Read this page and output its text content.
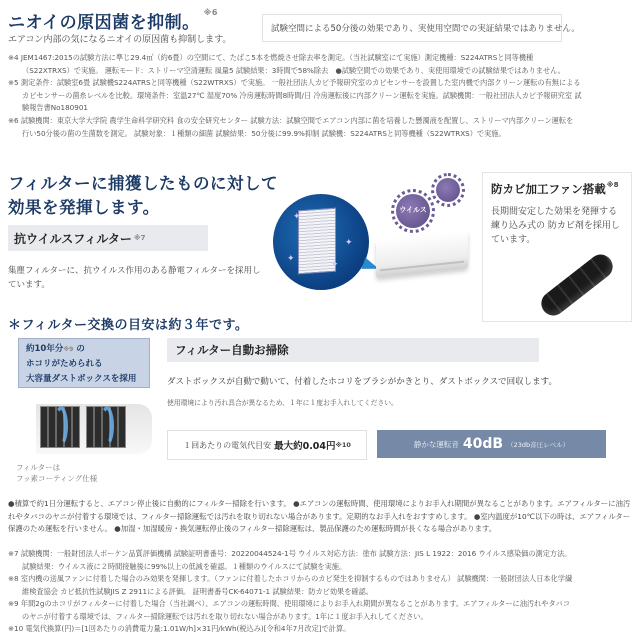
ニオイの原因菌を抑制。$^{※6}$
エアコン内部の気になるニオイの原因菌も抑制します。
試験空間による50分後の効果であり、実使用空間での実証結果ではありません。
※4 JEM1467:2015の試験方法に準じ29.4㎡（約6畳）の空間にて、たばこ5本を燃焼させ除去率を測定。（当社試験室にて実施）測定機種：S224ATRSと同等機種
（S22XTRXS）で実施。 運転モード：ストリーマ空清運転 風量5 試験結果：3時間で58%除去　●試験空間での効果であり、実使用環境での試験結果ではありません。
※5 測定条件：試験室6畳 試験機S224ATRSと同等機種（S22WTRXS）で実施。 一般社団法人カビ予報研究室のカビセンサーを設置した室内機で内部クリーン運転の有無による
カビセンサーの菌糸レベルを比較。環境条件：室温27℃ 湿度70% 冷房運転時間8時間/日 冷房運転後に内部クリーン運転を実施。試験機関：一般社団法人カビ予報研究室 試
験報告書No180901
※6 試験機関：東京大学大学院 農学生命科学研究科 食の安全研究センター 試験方法：試験空間でエアコン内部に菌を培養した懸濁液を配置し、ストリーマ内部クリーン運転を
行い50分後の菌の生菌数を測定。 試験対象：１種類の細菌 試験結果：50分後に99.9%抑制 試験機：S224ATRSと同等機種（S22WTRXS）で実施。
フィルターに捕獲したものに対して
効果を発揮します。
抗ウイルスフィルター ※7
集塵フィルターに、抗ウイルス作用のある静電フィルターを採用しています。
✦
✦
✦
✦
ウイルス
防カビ加工ファン搭載$^{※8}$
長期間安定した効果を発揮する練り込み式の 防カビ剤を採用しています。
＊フィルター交換の目安は約３年です。
約10年分$^{※9}$ の
ホコリがためられる
大容量ダストボックスを採用
フィルターは
フッ素コーティング仕様
フィルター自動お掃除
ダストボックスが自動で動いて、付着したホコリをブラシがかきとり、ダストボックスで回収します。
使用環境により汚れ具合が異なるため、１年に１度お手入れしてください。
１回あたりの電気代目安 最大約0.04円 ※10	静かな運転音 40dB （23db音圧レベル）
●積算で約1日分運転すると、エアコン停止後に自動的にフィルター掃除を行います。 ●エアコンの運転時間、使用環境によりお手入れ期間が異なることがあります。エアフィルターに油汚れやタバコのヤニが付着する環境では、フィルター掃除運転では汚れを取り切れない場合があります。定期的なお手入れをおすすめします。 ●室内温度が10℃以下の時は、エアフィルター保護のため運転を行いません。 ●加湿・加湿暖房・換気運転停止後のフィルター掃除運転は、製品保護のため運転時間が長くなる場合があります。
※7 試験機関：一般財団法人ボーケン品質評価機構 試験証明書番号：20220044524-1号 ウイルス対応方法：塗布 試験方法：JIS L 1922：2016 ウイルス感染価の測定方法。
試験結果：ウイルス液に２時間接触後に99%以上の低減を確認。１種類のウイルスにて試験を実施。
※8 室内機の送風ファンに付着した場合のみ効果を発揮します。（ファンに付着したホコリからのカビ発生を抑制するものではありません） 試験機関：一般財団法人日本化学繊
維検査協会 カビ抵抗性試験JIS Z 2911による評価。 証明書番号CK-64071-1 試験結果：防カビ効果を確認。
※9 年間2gのホコリがフィルターに付着した場合（当社調べ）、エアコンの運転時間、使用環境によりお手入れ期間が異なることがあります。エアフィルターに油汚れやタバコ
のヤニが付着する環境では、フィルター掃除運転では汚れを取り切れない場合があります。1年に１度お手入れしてください。
※10 電気代換算(円)＝[1回あたりの消費電力量:1.01W/h]×31円/kWh(税込み)[令和4年7月改定]で計算。
